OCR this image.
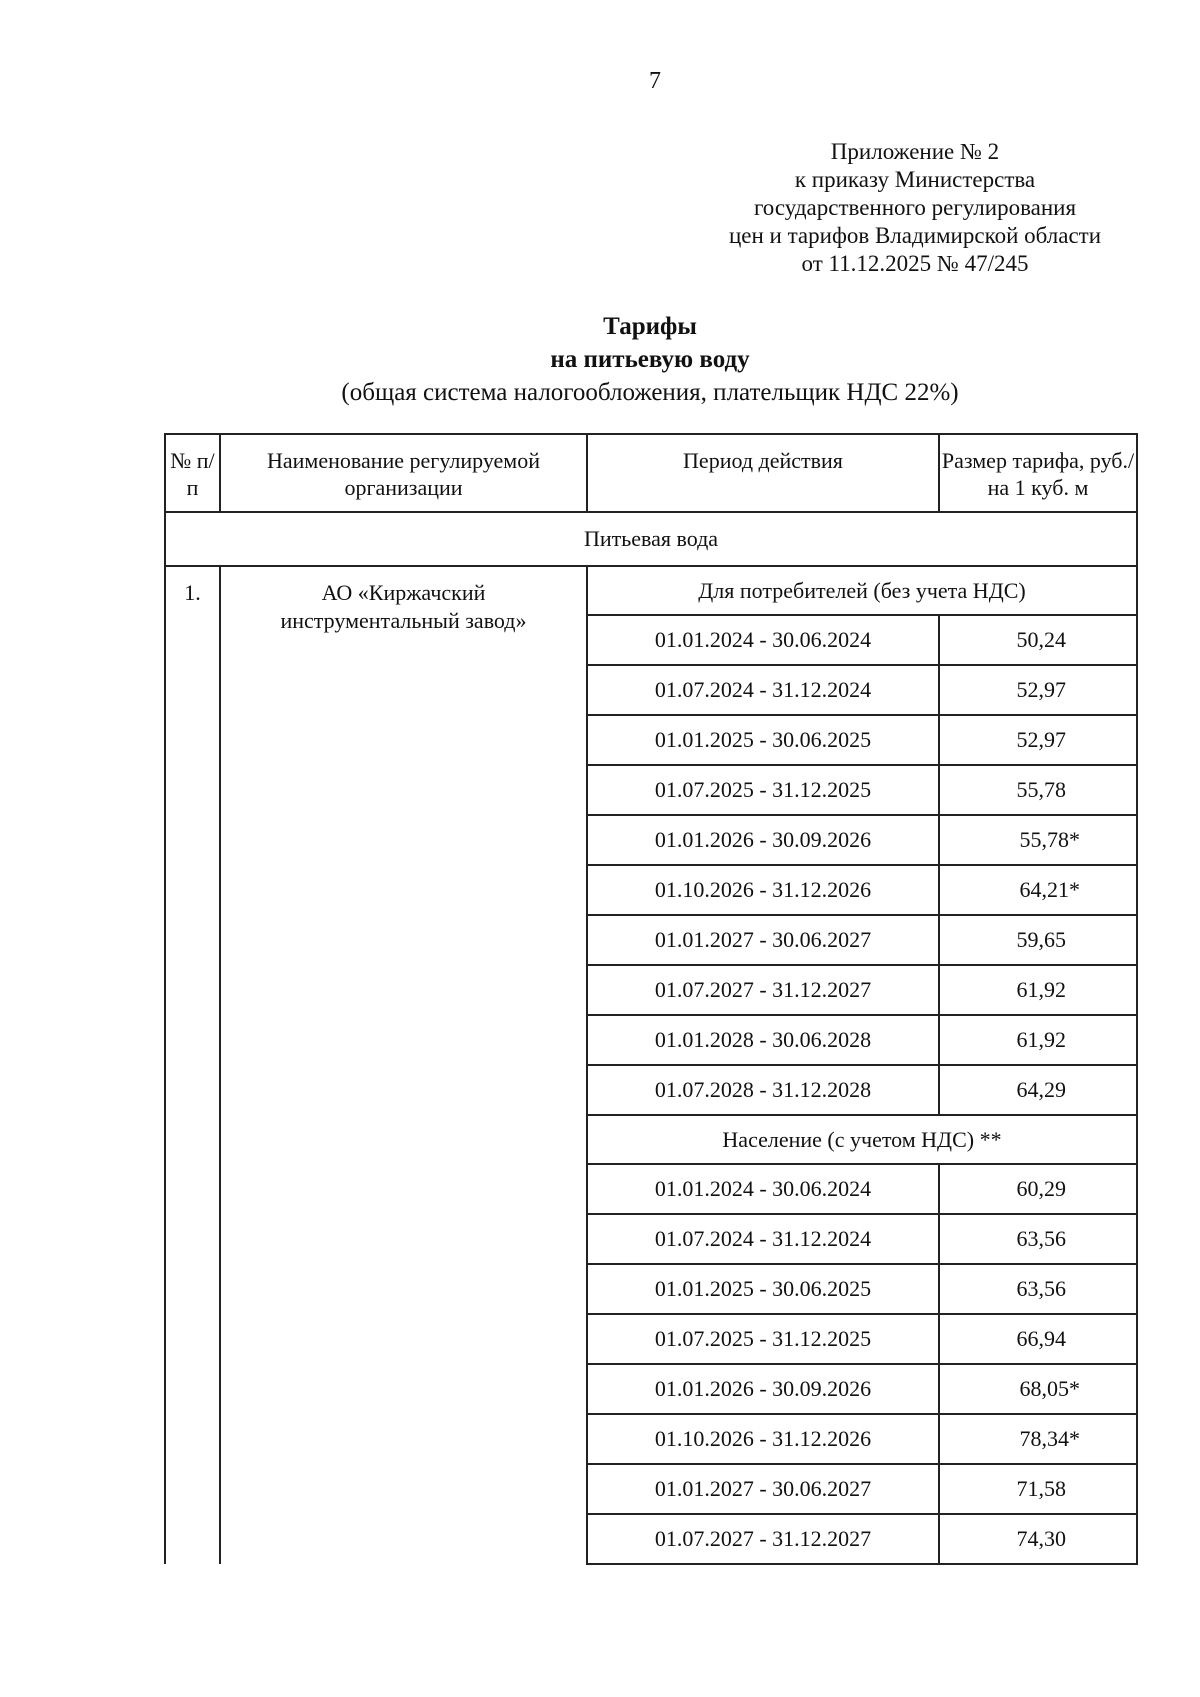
7
Приложение № 2
к приказу Министерства
государственного регулирования
цен и тарифов Владимирской области
от 11.12.2025 № 47/245
Тарифы
на питьевую воду
(общая система налогообложения, плательщик НДС 22%)
№ п/п	Наименование регулируемой организации	Период действия	Размер тарифа, руб./на 1 куб. м
Питьевая вода			
1.	АО «Киржачский инструментальный завод»	Для потребителей (без учета НДС)	
		01.01.2024 - 30.06.2024	50,24
		01.07.2024 - 31.12.2024	52,97
		01.01.2025 - 30.06.2025	52,97
		01.07.2025 - 31.12.2025	55,78
		01.01.2026 - 30.09.2026	55,78*
		01.10.2026 - 31.12.2026	64,21*
		01.01.2027 - 30.06.2027	59,65
		01.07.2027 - 31.12.2027	61,92
		01.01.2028 - 30.06.2028	61,92
		01.07.2028 - 31.12.2028	64,29
		Население (с учетом НДС) **	
		01.01.2024 - 30.06.2024	60,29
		01.07.2024 - 31.12.2024	63,56
		01.01.2025 - 30.06.2025	63,56
		01.07.2025 - 31.12.2025	66,94
		01.01.2026 - 30.09.2026	68,05*
		01.10.2026 - 31.12.2026	78,34*
		01.01.2027 - 30.06.2027	71,58
		01.07.2027 - 31.12.2027	74,30
